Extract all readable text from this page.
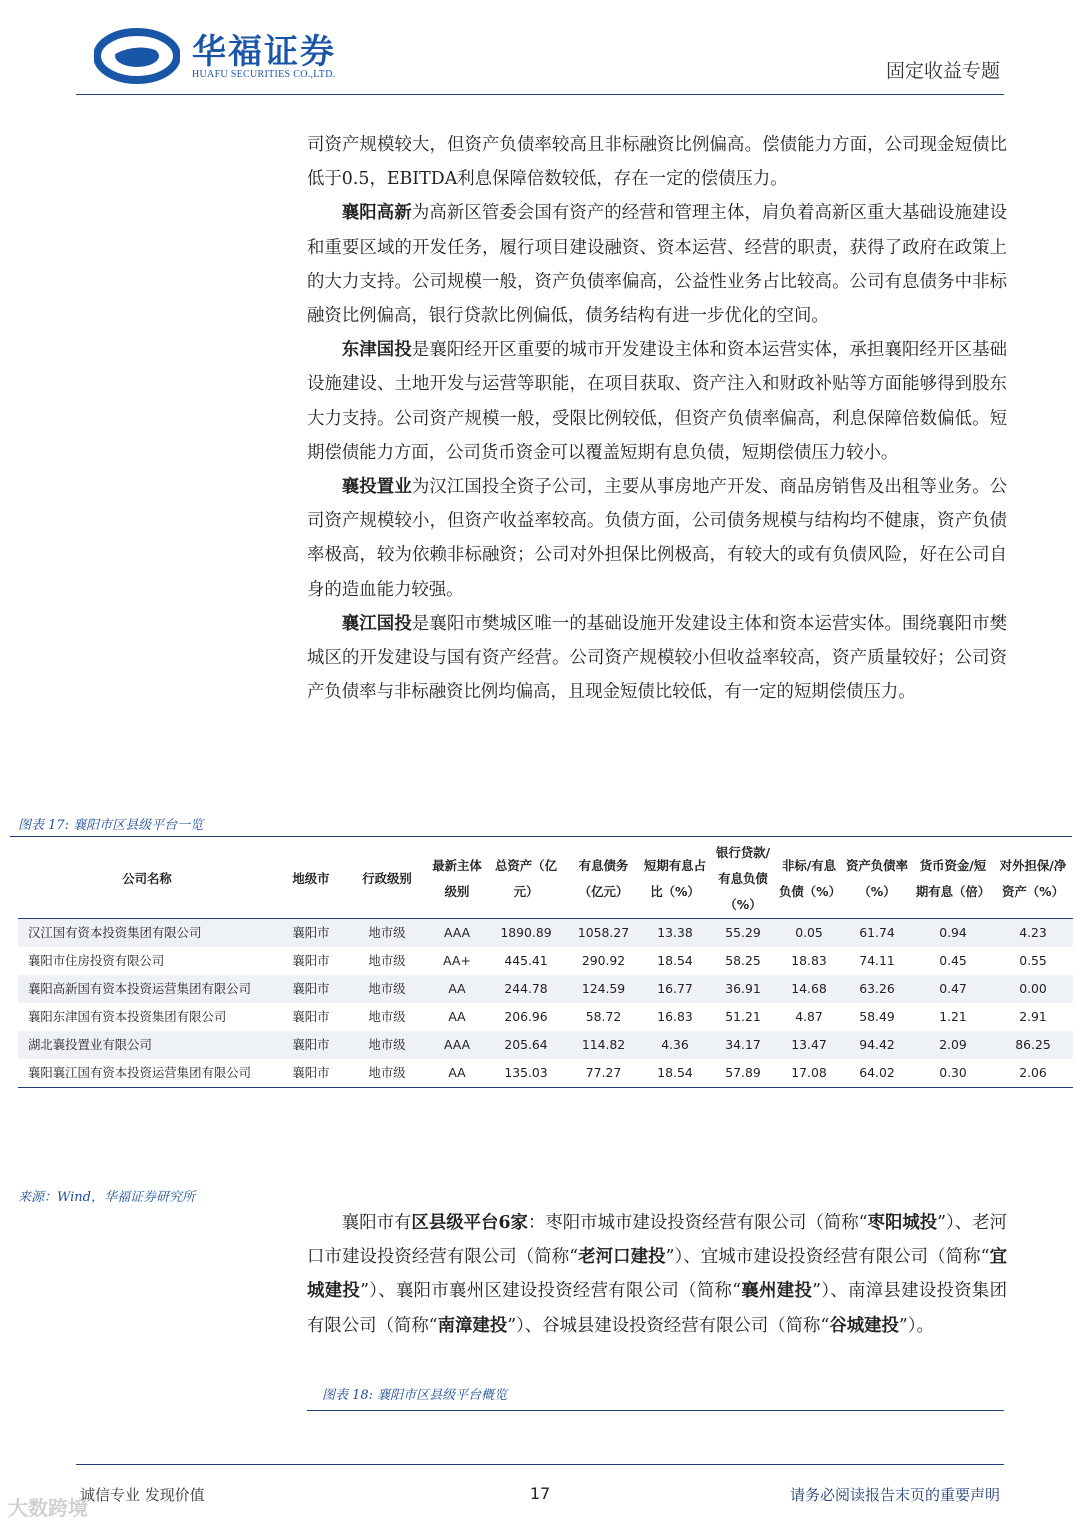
华福证券
HUAFU SECURITIES CO.,LTD.	固定收益专题

司资产规模较大，但资产负债率较高且非标融资比例偏高。偿债能力方面，公司现金短债比低于0.5，EBITDA利息保障倍数较低，存在一定的偿债压力。

襄阳高新为高新区管委会国有资产的经营和管理主体，肩负着高新区重大基础设施建设和重要区域的开发任务，履行项目建设融资、资本运营、经营的职责，获得了政府在政策上的大力支持。公司规模一般，资产负债率偏高，公益性业务占比较高。公司有息债务中非标融资比例偏高，银行贷款比例偏低，债务结构有进一步优化的空间。

东津国投是襄阳经开区重要的城市开发建设主体和资本运营实体，承担襄阳经开区基础设施建设、土地开发与运营等职能，在项目获取、资产注入和财政补贴等方面能够得到股东大力支持。公司资产规模一般，受限比例较低，但资产负债率偏高，利息保障倍数偏低。短期偿债能力方面，公司货币资金可以覆盖短期有息负债，短期偿债压力较小。

襄投置业为汉江国投全资子公司，主要从事房地产开发、商品房销售及出租等业务。公司资产规模较小，但资产收益率较高。负债方面，公司债务规模与结构均不健康，资产负债率极高，较为依赖非标融资；公司对外担保比例极高，有较大的或有负债风险，好在公司自身的造血能力较强。

襄江国投是襄阳市樊城区唯一的基础设施开发建设主体和资本运营实体。围绕襄阳市樊城区的开发建设与国有资产经营。公司资产规模较小但收益率较高，资产质量较好；公司资产负债率与非标融资比例均偏高，且现金短债比较低，有一定的短期偿债压力。

图表 17: 襄阳市区县级平台一览
公司名称	地级市	行政级别	最新主体级别	总资产（亿元）	有息债务（亿元）	短期有息占比（%）	银行贷款/有息负债（%）	非标/有息负债（%）	资产负债率（%）	货币资金/短期有息（倍）	对外担保/净资产（%）
汉江国有资本投资集团有限公司	襄阳市	地市级	AAA	1890.89	1058.27	13.38	55.29	0.05	61.74	0.94	4.23
襄阳市住房投资有限公司	襄阳市	地市级	AA+	445.41	290.92	18.54	58.25	18.83	74.11	0.45	0.55
襄阳高新国有资本投资运营集团有限公司	襄阳市	地市级	AA	244.78	124.59	16.77	36.91	14.68	63.26	0.47	0.00
襄阳东津国有资本投资集团有限公司	襄阳市	地市级	AA	206.96	58.72	16.83	51.21	4.87	58.49	1.21	2.91
湖北襄投置业有限公司	襄阳市	地市级	AAA	205.64	114.82	4.36	34.17	13.47	94.42	2.09	86.25
襄阳襄江国有资本投资运营集团有限公司	襄阳市	地市级	AA	135.03	77.27	18.54	57.89	17.08	64.02	0.30	2.06
来源：Wind，华福证券研究所

襄阳市有区县级平台6家：枣阳市城市建设投资经营有限公司（简称“枣阳城投”）、老河口市建设投资经营有限公司（简称“老河口建投”）、宜城市建设投资经营有限公司（简称“宜城建投”）、襄阳市襄州区建设投资经营有限公司（简称“襄州建投”）、南漳县建设投资集团有限公司（简称“南漳建投”）、谷城县建设投资经营有限公司（简称“谷城建投”）。

图表 18: 襄阳市区县级平台概览
诚信专业 发现价值	17	请务必阅读报告末页的重要声明
大数跨境
